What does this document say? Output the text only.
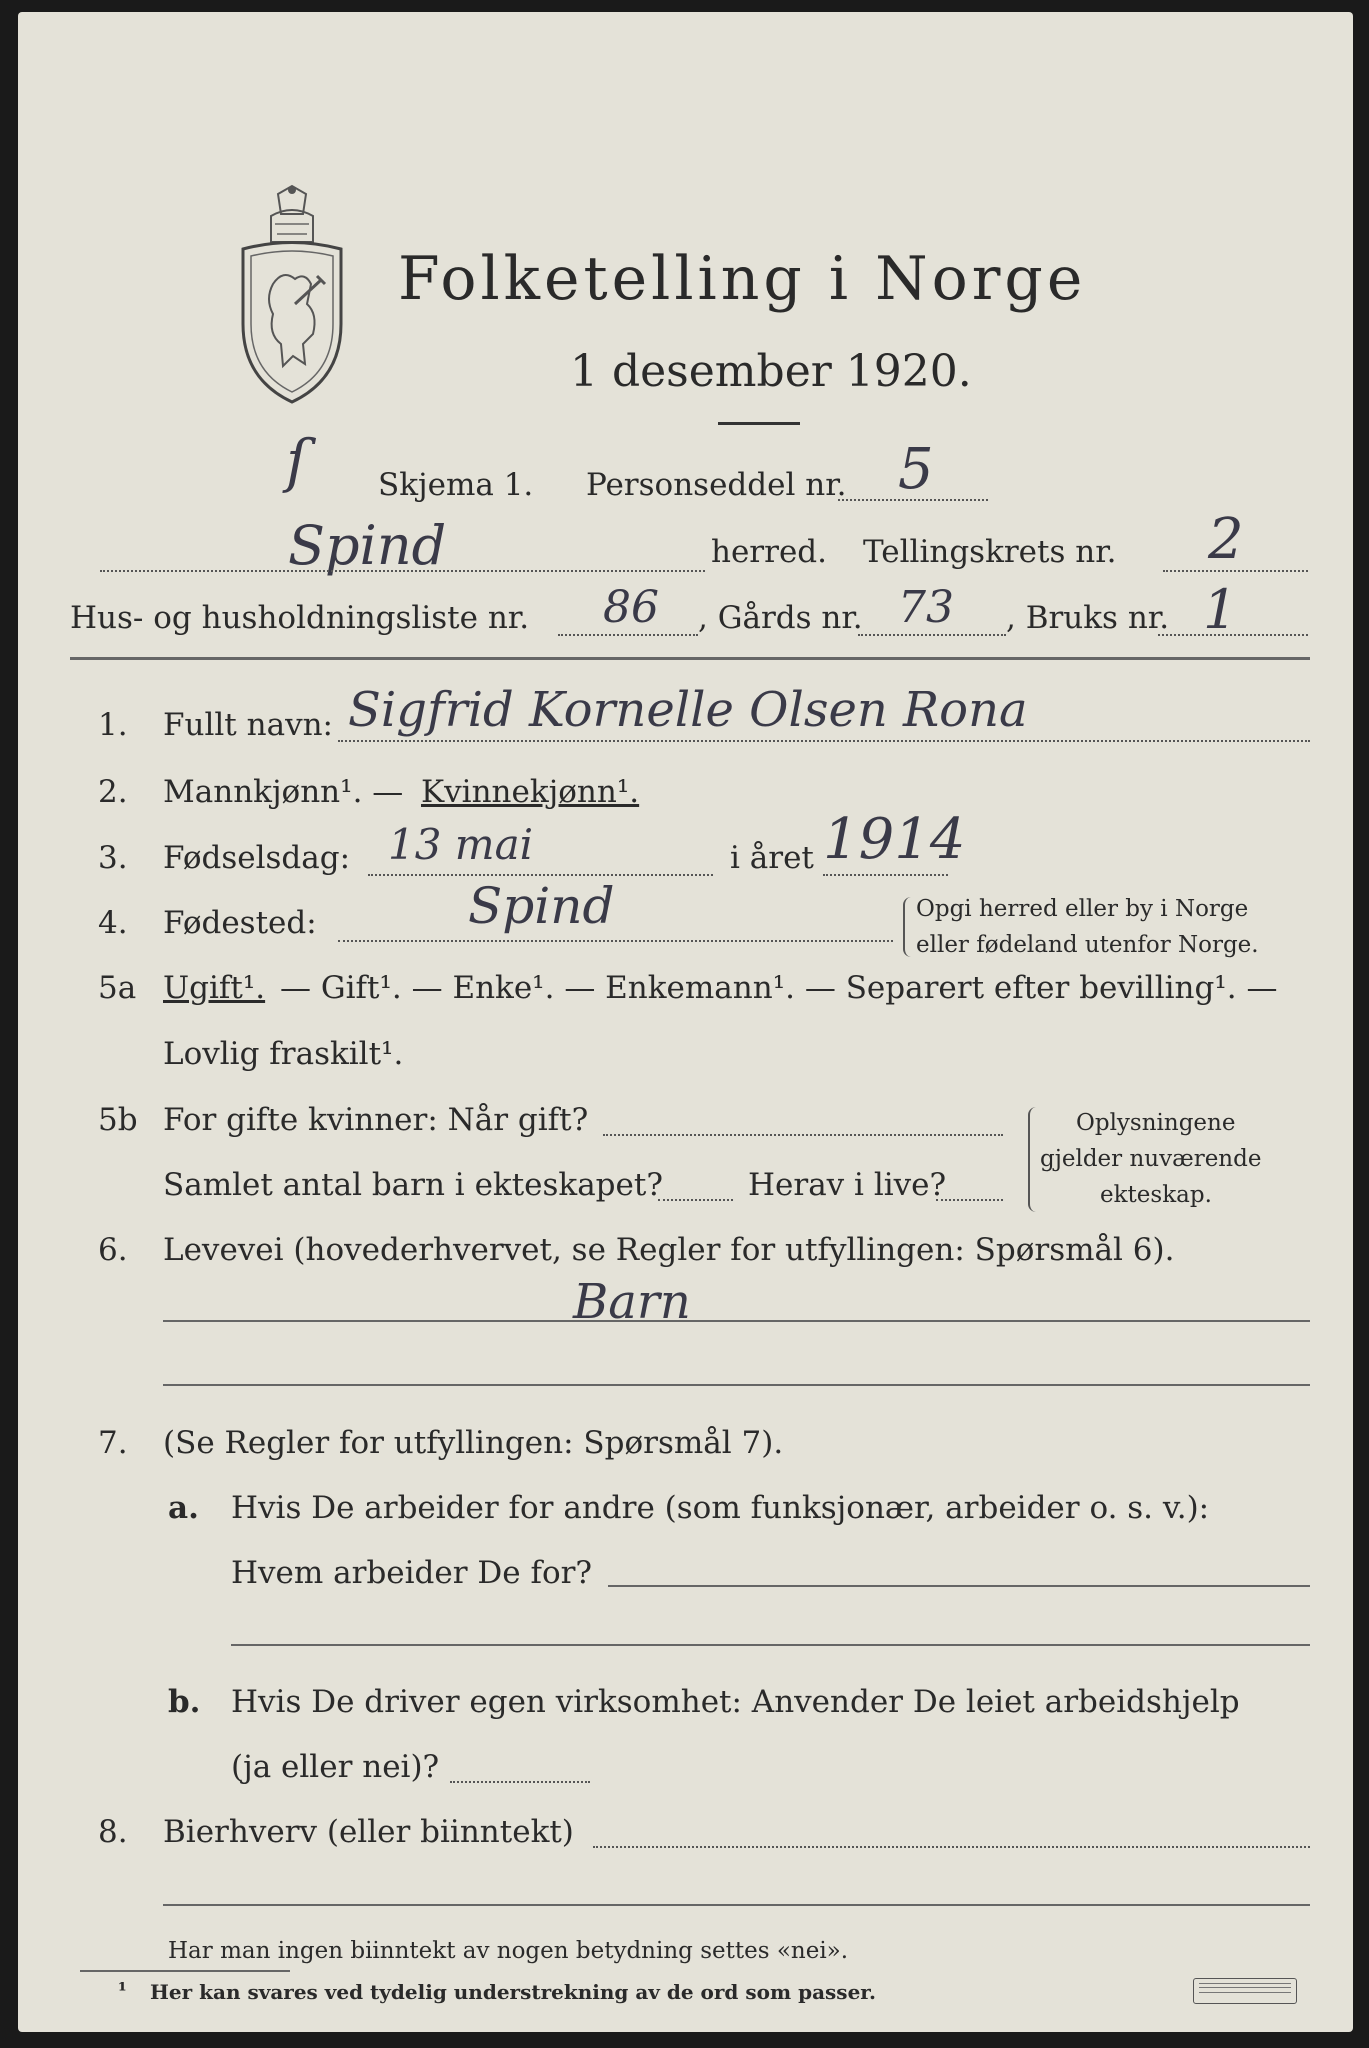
Folketelling i Norge
1 desember 1920.
ſ Skjema 1. Personseddel nr. 5
Spind	herred. Tellingskrets nr. 2
Hus- og husholdningsliste nr. 86 , Gårds nr. 73 , Bruks nr. 1
1. Fullt navn: Sigfrid Kornelle Olsen Rona
2. Mannkjønn¹. — Kvinnekjønn¹.
3. Fødselsdag: 13 mai	i året 1914
4. Fødested:	Spind	Opgi herred eller by i Norge
eller fødeland utenfor Norge.
5a Ugift¹. — Gift¹. — Enke¹. — Enkemann¹. — Separert efter bevilling¹. —
Lovlig fraskilt¹.
5b For gifte kvinner: Når gift?
Samlet antal barn i ekteskapet?	Herav i live?
Oplysningene
gjelder nuværende
ekteskap.
6. Levevei (hovederhvervet, se Regler for utfyllingen: Spørsmål 6).
Barn
7. (Se Regler for utfyllingen: Spørsmål 7).
a. Hvis De arbeider for andre (som funksjonær, arbeider o. s. v.):
Hvem arbeider De for?
b. Hvis De driver egen virksomhet: Anvender De leiet arbeidshjelp
(ja eller nei)?
8. Bierhverv (eller biinntekt)
Har man ingen biinntekt av nogen betydning settes «nei».
¹ Her kan svares ved tydelig understrekning av de ord som passer.
